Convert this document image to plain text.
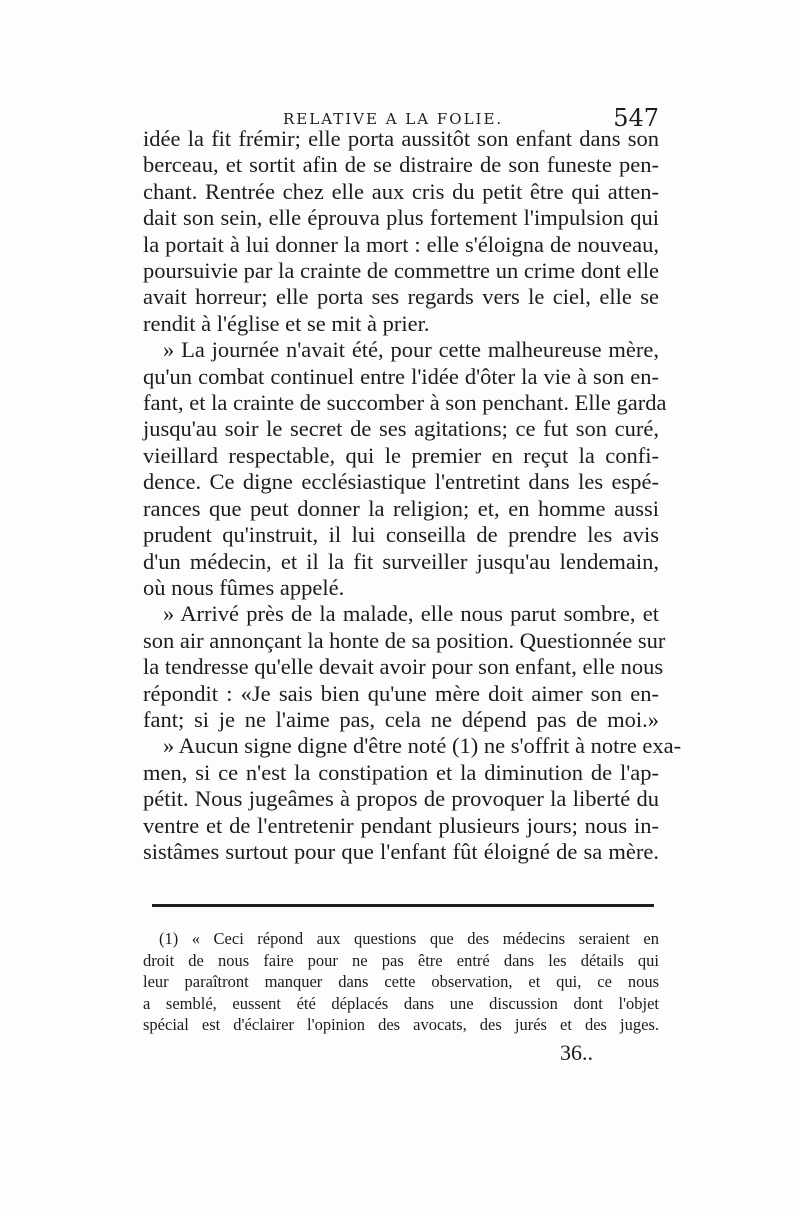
RELATIVE A LA FOLIE.	547
idée la fit frémir; elle porta aussitôt son enfant dans son
berceau, et sortit afin de se distraire de son funeste pen-
chant. Rentrée chez elle aux cris du petit être qui atten-
dait son sein, elle éprouva plus fortement l'impulsion qui
la portait à lui donner la mort : elle s'éloigna de nouveau,
poursuivie par la crainte de commettre un crime dont elle
avait horreur; elle porta ses regards vers le ciel, elle se
rendit à l'église et se mit à prier.
» La journée n'avait été, pour cette malheureuse mère,
qu'un combat continuel entre l'idée d'ôter la vie à son en-
fant, et la crainte de succomber à son penchant. Elle garda
jusqu'au soir le secret de ses agitations; ce fut son curé,
vieillard respectable, qui le premier en reçut la confi-
dence. Ce digne ecclésiastique l'entretint dans les espé-
rances que peut donner la religion; et, en homme aussi
prudent qu'instruit, il lui conseilla de prendre les avis
d'un médecin, et il la fit surveiller jusqu'au lendemain,
où nous fûmes appelé.
» Arrivé près de la malade, elle nous parut sombre, et
son air annonçant la honte de sa position. Questionnée sur
la tendresse qu'elle devait avoir pour son enfant, elle nous
répondit : «Je sais bien qu'une mère doit aimer son en-
fant; si je ne l'aime pas, cela ne dépend pas de moi.»
» Aucun signe digne d'être noté (1) ne s'offrit à notre exa-
men, si ce n'est la constipation et la diminution de l'ap-
pétit. Nous jugeâmes à propos de provoquer la liberté du
ventre et de l'entretenir pendant plusieurs jours; nous in-
sistâmes surtout pour que l'enfant fût éloigné de sa mère.
(1) « Ceci répond aux questions que des médecins seraient en
droit de nous faire pour ne pas être entré dans les détails qui
leur paraîtront manquer dans cette observation, et qui, ce nous
a semblé, eussent été déplacés dans une discussion dont l'objet
spécial est d'éclairer l'opinion des avocats, des jurés et des juges.
36..
